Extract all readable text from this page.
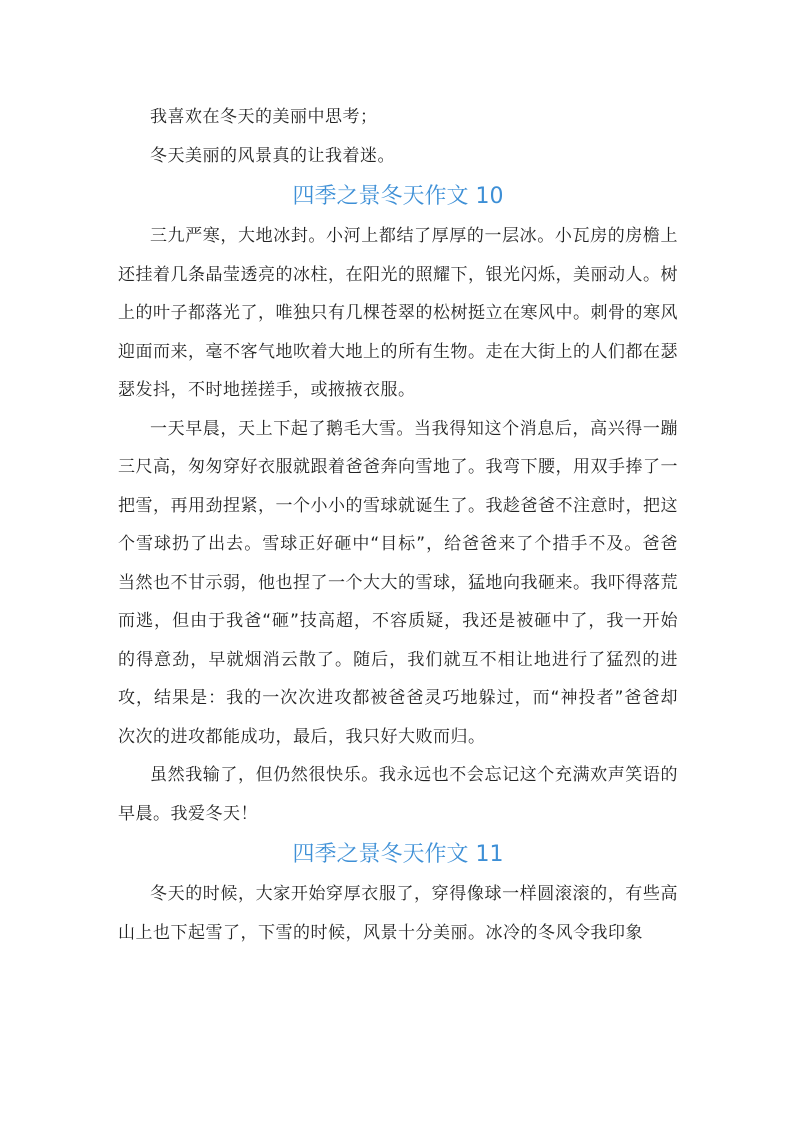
我喜欢在冬天的美丽中思考；

冬天美丽的风景真的让我着迷。

四季之景冬天作文 10

三九严寒，大地冰封。小河上都结了厚厚的一层冰。小瓦房的房檐上还挂着几条晶莹透亮的冰柱，在阳光的照耀下，银光闪烁，美丽动人。树上的叶子都落光了，唯独只有几棵苍翠的松树挺立在寒风中。刺骨的寒风迎面而来，毫不客气地吹着大地上的所有生物。走在大街上的人们都在瑟瑟发抖，不时地搓搓手，或掖掖衣服。

一天早晨，天上下起了鹅毛大雪。当我得知这个消息后，高兴得一蹦三尺高，匆匆穿好衣服就跟着爸爸奔向雪地了。我弯下腰，用双手捧了一把雪，再用劲捏紧，一个小小的雪球就诞生了。我趁爸爸不注意时，把这个雪球扔了出去。雪球正好砸中“目标”，给爸爸来了个措手不及。爸爸当然也不甘示弱，他也捏了一个大大的雪球，猛地向我砸来。我吓得落荒而逃，但由于我爸“砸”技高超，不容质疑，我还是被砸中了，我一开始的得意劲，早就烟消云散了。随后，我们就互不相让地进行了猛烈的进攻，结果是：我的一次次进攻都被爸爸灵巧地躲过，而“神投者”爸爸却次次的进攻都能成功，最后，我只好大败而归。

虽然我输了，但仍然很快乐。我永远也不会忘记这个充满欢声笑语的早晨。我爱冬天！

四季之景冬天作文 11

冬天的时候，大家开始穿厚衣服了，穿得像球一样圆滚滚的，有些高山上也下起雪了，下雪的时候，风景十分美丽。冰冷的冬风令我印象
